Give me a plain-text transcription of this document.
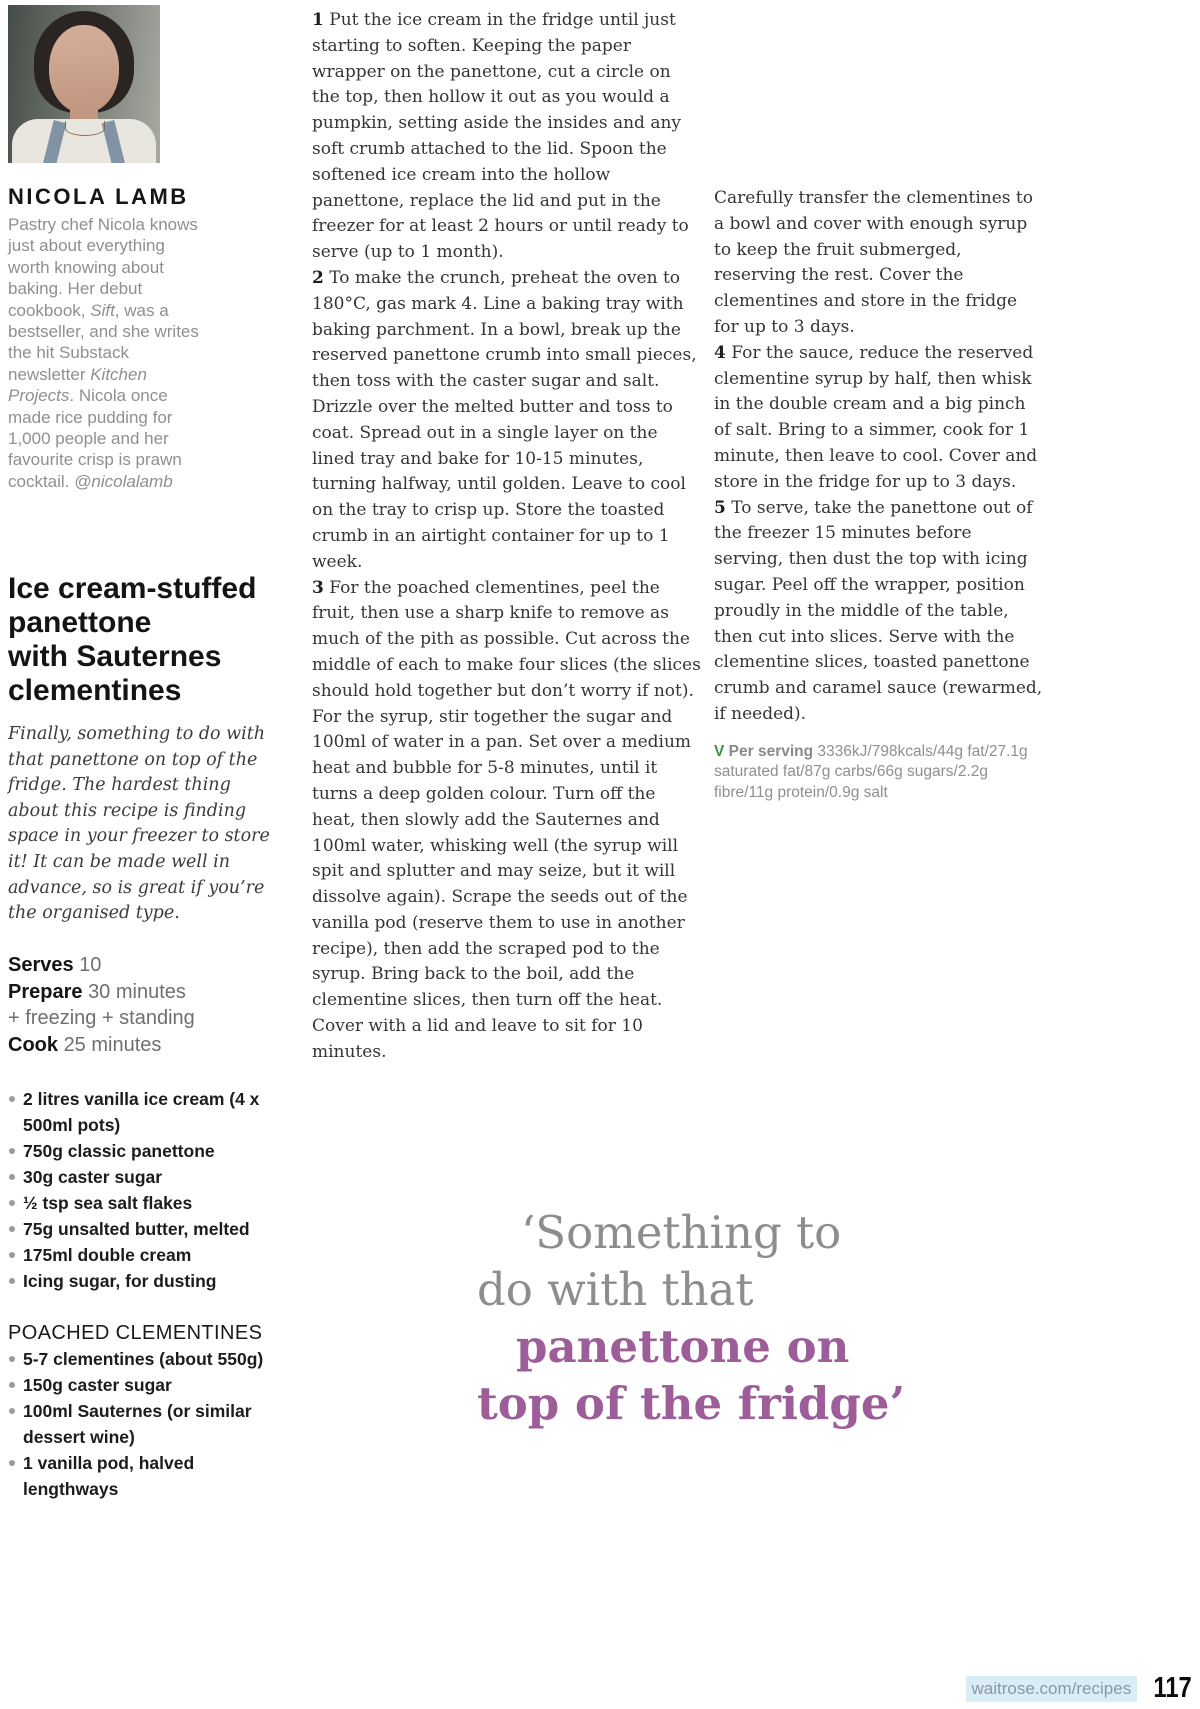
NICOLA LAMB

Pastry chef Nicola knows just about everything worth knowing about baking. Her debut cookbook, Sift, was a bestseller, and she writes the hit Substack newsletter Kitchen Projects. Nicola once made rice pudding for 1,000 people and her favourite crisp is prawn cocktail. @nicolalamb

Ice cream-stuffed
panettone
with Sauternes
clementines

Finally, something to do with that panettone on top of the fridge. The hardest thing about this recipe is finding space in your freezer to store it! It can be made well in advance, so is great if you’re the organised type.

Serves 10
Prepare 30 minutes
+ freezing + standing
Cook 25 minutes
2 litres vanilla ice cream (4 x 500ml pots)
750g classic panettone
30g caster sugar
½ tsp sea salt flakes
75g unsalted butter, melted
175ml double cream
Icing sugar, for dusting
POACHED CLEMENTINES
5-7 clementines (about 550g)
150g caster sugar
100ml Sauternes (or similar dessert wine)
1 vanilla pod, halved lengthways

1 Put the ice cream in the fridge until just starting to soften. Keeping the paper wrapper on the panettone, cut a circle on the top, then hollow it out as you would a pumpkin, setting aside the insides and any soft crumb attached to the lid. Spoon the softened ice cream into the hollow panettone, replace the lid and put in the freezer for at least 2 hours or until ready to serve (up to 1 month).

2 To make the crunch, preheat the oven to 180°C, gas mark 4. Line a baking tray with baking parchment. In a bowl, break up the reserved panettone crumb into small pieces, then toss with the caster sugar and salt. Drizzle over the melted butter and toss to coat. Spread out in a single layer on the lined tray and bake for 10-15 minutes, turning halfway, until golden. Leave to cool on the tray to crisp up. Store the toasted crumb in an airtight container for up to 1 week.

3 For the poached clementines, peel the fruit, then use a sharp knife to remove as much of the pith as possible. Cut across the middle of each to make four slices (the slices should hold together but don’t worry if not). For the syrup, stir together the sugar and 100ml of water in a pan. Set over a medium heat and bubble for 5-8 minutes, until it turns a deep golden colour. Turn off the heat, then slowly add the Sauternes and 100ml water, whisking well (the syrup will spit and splutter and may seize, but it will dissolve again). Scrape the seeds out of the vanilla pod (reserve them to use in another recipe), then add the scraped pod to the syrup. Bring back to the boil, add the clementine slices, then turn off the heat. Cover with a lid and leave to sit for 10 minutes.

Carefully transfer the clementines to a bowl and cover with enough syrup to keep the fruit submerged, reserving the rest. Cover the clementines and store in the fridge for up to 3 days.

4 For the sauce, reduce the reserved clementine syrup by half, then whisk in the double cream and a big pinch of salt. Bring to a simmer, cook for 1 minute, then leave to cool. Cover and store in the fridge for up to 3 days.

5 To serve, take the panettone out of the freezer 15 minutes before serving, then dust the top with icing sugar. Peel off the wrapper, position proudly in the middle of the table, then cut into slices. Serve with the clementine slices, toasted panettone crumb and caramel sauce (rewarmed, if needed).

V Per serving 3336kJ/798kcals/44g fat/27.1g saturated fat/87g carbs/66g sugars/2.2g fibre/11g protein/0.9g salt

‘Something to
do with that
panettone on
top of the fridge’
waitrose.com/recipes 117
